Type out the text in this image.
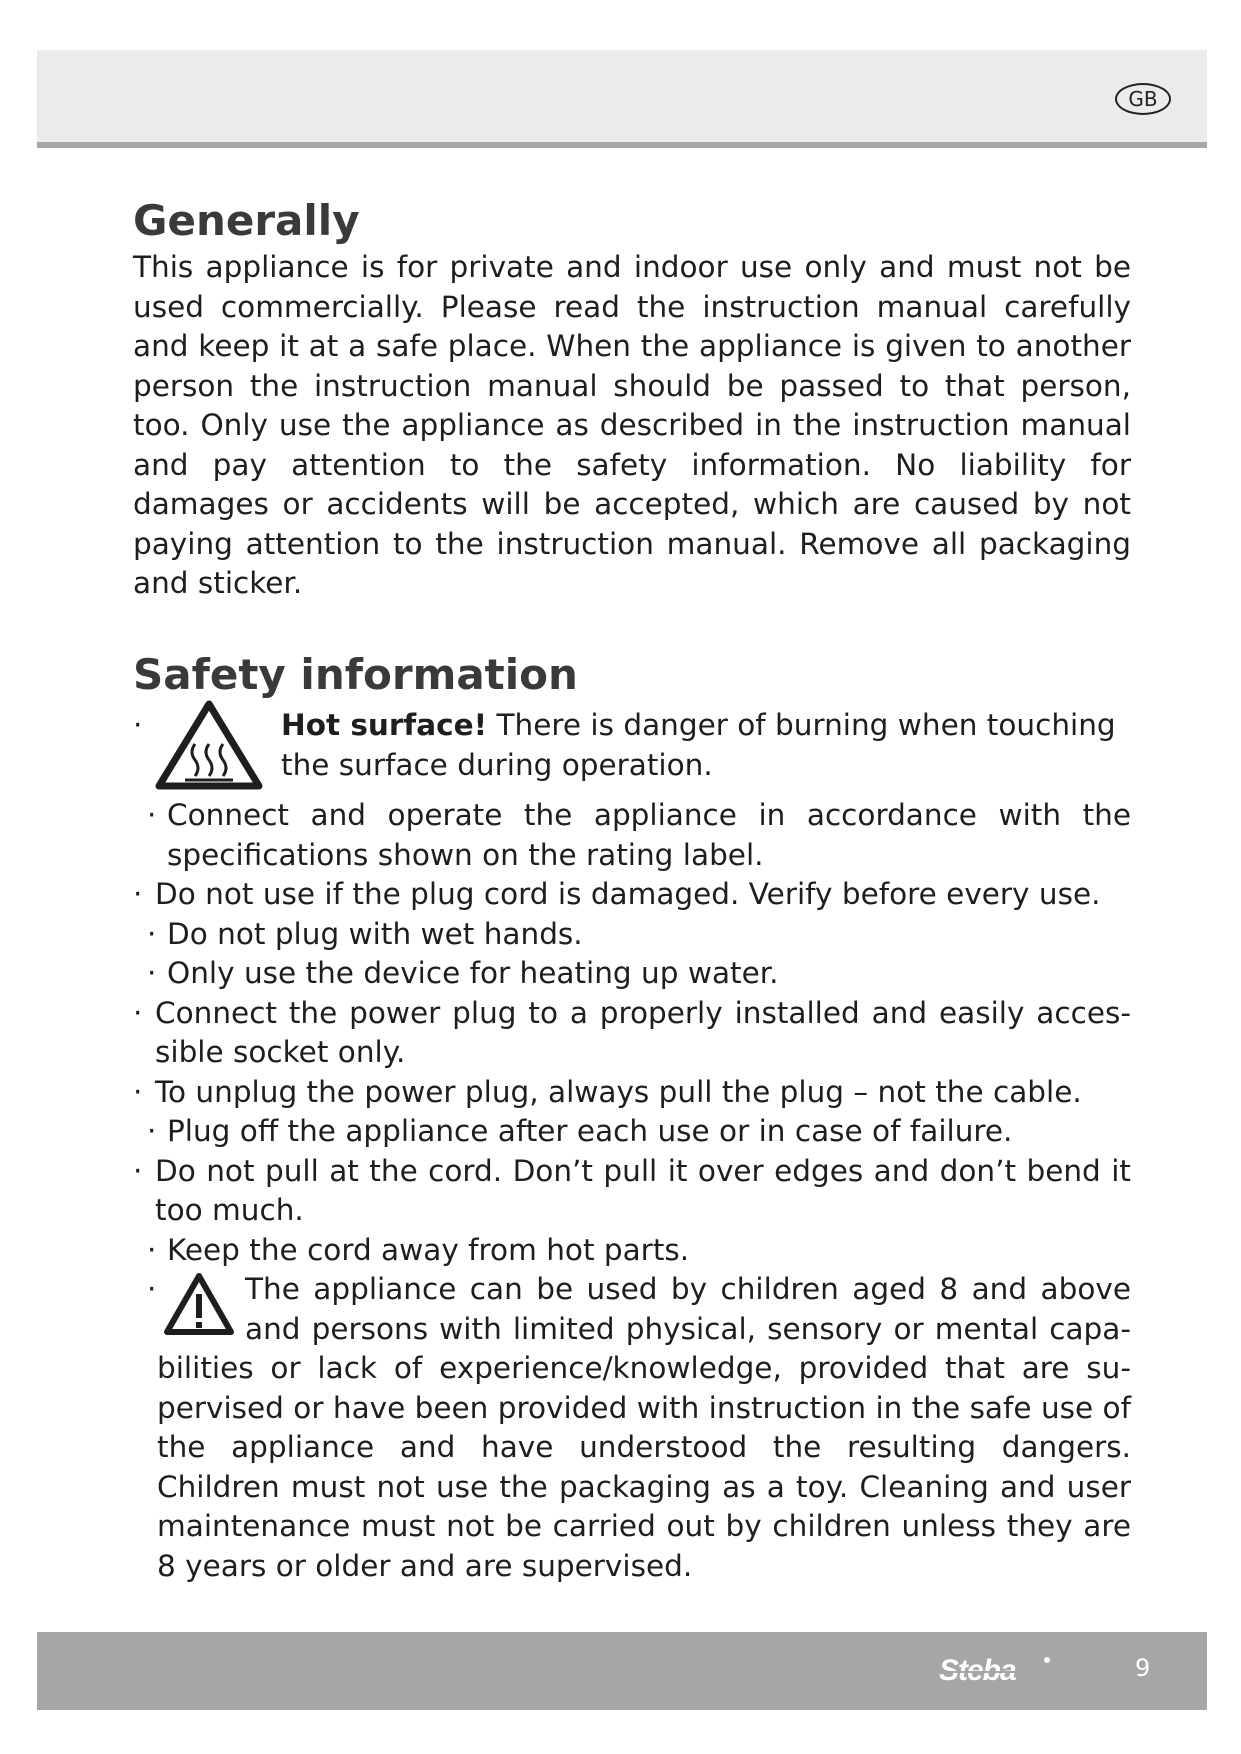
GB
Generally

This appliance is for private and indoor use only and must not be used commercially. Please read the instruction manual carefully and keep it at a safe place. When the appliance is given to another person the instruction manual should be passed to that person, too. Only use the appliance as described in the instruction manual and pay attention to the safety information. No liability for damages or accidents will be accepted, which are caused by not paying attention to the instruction manual. Remove all packaging and sticker.

Safety information
·	Hot surface! There is danger of burning when touching the surface during operation.
· Connect and operate the appliance in accordance with the specifications shown on the rating label.
· Do not use if the plug cord is damaged. Verify before every use.
· Do not plug with wet hands.
· Only use the device for heating up water.
· Connect the power plug to a properly installed and easily accessible socket only.
· To unplug the power plug, always pull the plug – not the cable.
· Plug off the appliance after each use or in case of failure.
· Do not pull at the cord. Don’t pull it over edges and don’t bend it too much.
· Keep the cord away from hot parts.
·	The appliance can be used by children aged 8 and above and persons with limited physical, sensory or mental capabilities or lack of experience/knowledge, provided that are supervised or have been provided with instruction in the safe use of the appliance and have understood the resulting dangers. Children must not use the packaging as a toy. Cleaning and user maintenance must not be carried out by children unless they are 8 years or older and are supervised.
Steba	9
